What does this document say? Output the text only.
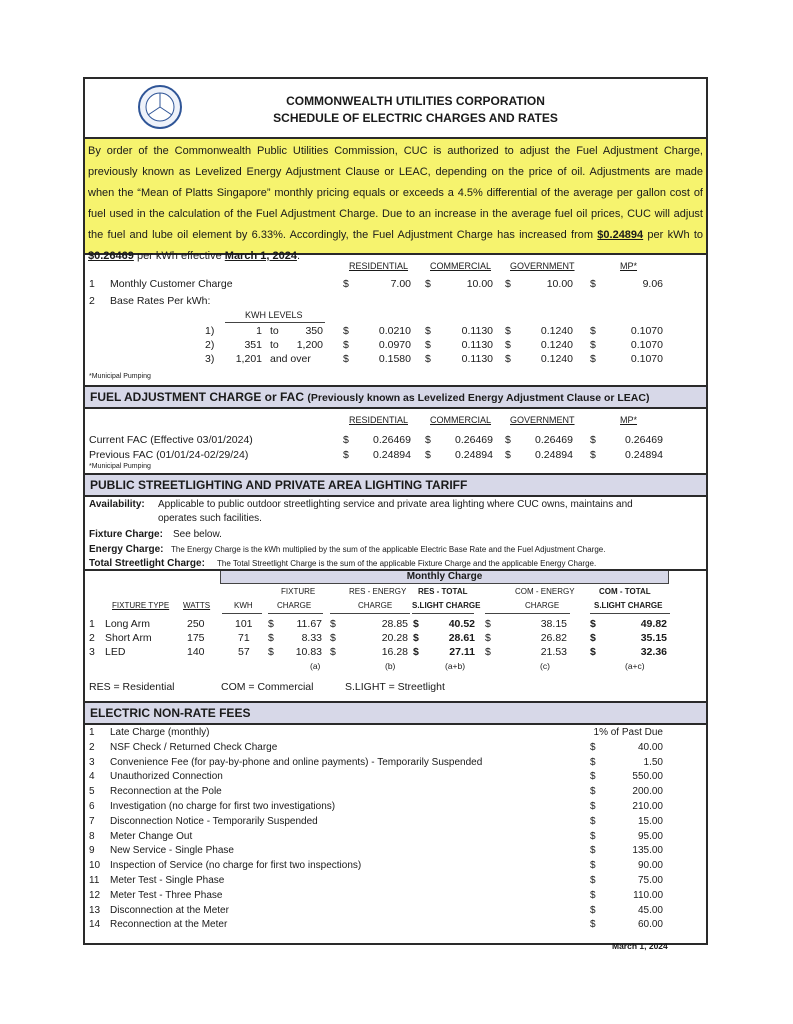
COMMONWEALTH UTILITIES CORPORATION
SCHEDULE OF ELECTRIC CHARGES AND RATES
By order of the Commonwealth Public Utilities Commission, CUC is authorized to adjust the Fuel Adjustment Charge, previously known as Levelized Energy Adjustment Clause or LEAC, depending on the price of oil. Adjustments are made when the “Mean of Platts Singapore” monthly pricing equals or exceeds a 4.5% differential of the average per gallon cost of fuel used in the calculation of the Fuel Adjustment Charge. Due to an increase in the average fuel oil prices, CUC will adjust the fuel and lube oil element by 6.33%. Accordingly, the Fuel Adjustment Charge has increased from $0.24894 per kWh to $0.26469 per kWh effective March 1, 2024.
RESIDENTIAL COMMERCIAL GOVERNMENT	MP*
1 Monthly Customer Charge	$	7.00 $	10.00 $	10.00 $	9.06
2 Base Rates Per kWh:
KWH LEVELS
1)	1 to	350 $	0.0210 $	0.1130 $	0.1240 $	0.1070
2)	351 to	1,200 $	0.0970 $	0.1130 $	0.1240 $	0.1070
3)	1,201 and over	$	0.1580 $	0.1130 $	0.1240 $	0.1070
*Municipal Pumping
FUEL ADJUSTMENT CHARGE or FAC (Previously known as Levelized Energy Adjustment Clause or LEAC)
RESIDENTIAL COMMERCIAL GOVERNMENT	MP*
Current FAC (Effective 03/01/2024)	$	0.26469 $	0.26469 $	0.26469 $	0.26469
Previous FAC (01/01/24-02/29/24)	$	0.24894 $	0.24894 $	0.24894 $	0.24894
*Municipal Pumping
PUBLIC STREETLIGHTING AND PRIVATE AREA LIGHTING TARIFF
Availability: Applicable to public outdoor streetlighting service and private area lighting where CUC owns, maintains and
operates such facilities.
Fixture Charge: See below.
Energy Charge: The Energy Charge is the kWh multiplied by the sum of the applicable Electric Base Rate and the Fuel Adjustment Charge.
Total Streetlight Charge: The Total Streetlight Charge is the sum of the applicable Fixture Charge and the applicable Energy Charge.
Monthly Charge
FIXTURE	RES - ENERGY RES - TOTAL	COM - ENERGY	COM - TOTAL
FIXTURE TYPE WATTS	KWH	CHARGE	CHARGE S.LIGHT CHARGE	CHARGE	S.LIGHT CHARGE
1 Long Arm	250	101 $	11.67 $	28.85 $	40.52 $	38.15 $	49.82
2 Short Arm	175	71 $	8.33 $	20.28 $	28.61 $	26.82 $	35.15
3 LED	140	57 $	10.83 $	16.28 $	27.11 $	21.53 $	32.36
(a)	(b)	(a+b)	(c)	(a+c)
RES = Residential	COM = Commercial	S.LIGHT = Streetlight
ELECTRIC NON-RATE FEES
1 Late Charge (monthly)	1% of Past Due
2 NSF Check / Returned Check Charge	$	40.00
3 Convenience Fee (for pay-by-phone and online payments) - Temporarily Suspended	$	1.50
4 Unauthorized Connection	$	550.00
5 Reconnection at the Pole	$	200.00
6 Investigation (no charge for first two investigations)	$	210.00
7 Disconnection Notice - Temporarily Suspended	$	15.00
8 Meter Change Out	$	95.00
9 New Service - Single Phase	$	135.00
10 Inspection of Service (no charge for first two inspections)	$	90.00
11 Meter Test - Single Phase	$	75.00
12 Meter Test - Three Phase	$	110.00
13 Disconnection at the Meter	$	45.00
14 Reconnection at the Meter	$	60.00
March 1, 2024
